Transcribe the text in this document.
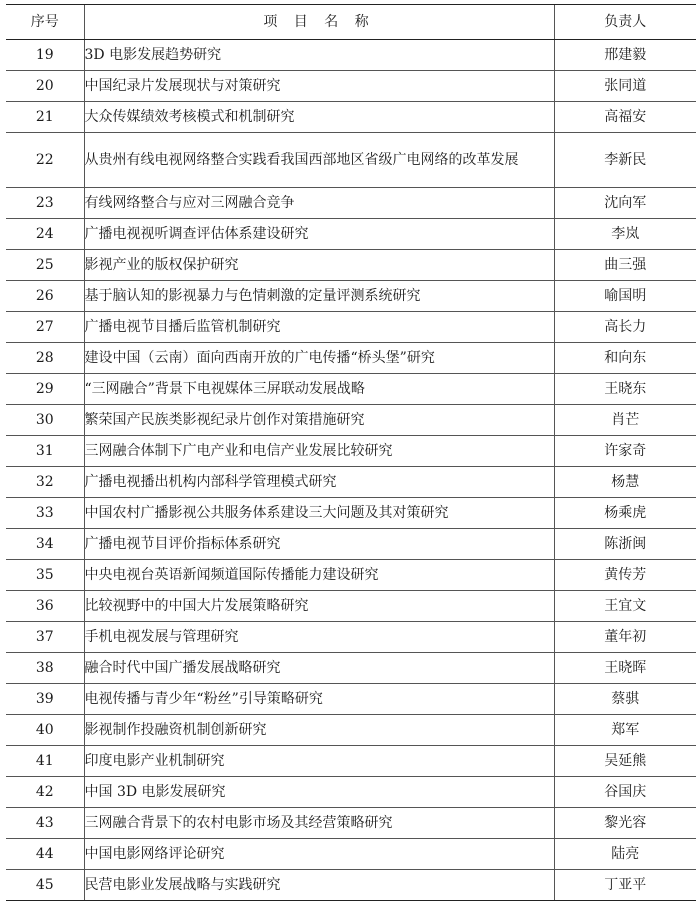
序号	项 目 名 称	负责人
19	3D 电影发展趋势研究	邢建毅
20	中国纪录片发展现状与对策研究	张同道
21	大众传媒绩效考核模式和机制研究	高福安
22	从贵州有线电视网络整合实践看我国西部地区省级广电网络的改革发展	李新民
23	有线网络整合与应对三网融合竞争	沈向军
24	广播电视视听调查评估体系建设研究	李岚
25	影视产业的版权保护研究	曲三强
26	基于脑认知的影视暴力与色情刺激的定量评测系统研究	喻国明
27	广播电视节目播后监管机制研究	高长力
28	建设中国（云南）面向西南开放的广电传播“桥头堡”研究	和向东
29	“三网融合”背景下电视媒体三屏联动发展战略	王晓东
30	繁荣国产民族类影视纪录片创作对策措施研究	肖芒
31	三网融合体制下广电产业和电信产业发展比较研究	许家奇
32	广播电视播出机构内部科学管理模式研究	杨慧
33	中国农村广播影视公共服务体系建设三大问题及其对策研究	杨乘虎
34	广播电视节目评价指标体系研究	陈浙闽
35	中央电视台英语新闻频道国际传播能力建设研究	黄传芳
36	比较视野中的中国大片发展策略研究	王宜文
37	手机电视发展与管理研究	董年初
38	融合时代中国广播发展战略研究	王晓晖
39	电视传播与青少年“粉丝”引导策略研究	蔡骐
40	影视制作投融资机制创新研究	郑军
41	印度电影产业机制研究	吴延熊
42	中国 3D 电影发展研究	谷国庆
43	三网融合背景下的农村电影市场及其经营策略研究	黎光容
44	中国电影网络评论研究	陆亮
45	民营电影业发展战略与实践研究	丁亚平
